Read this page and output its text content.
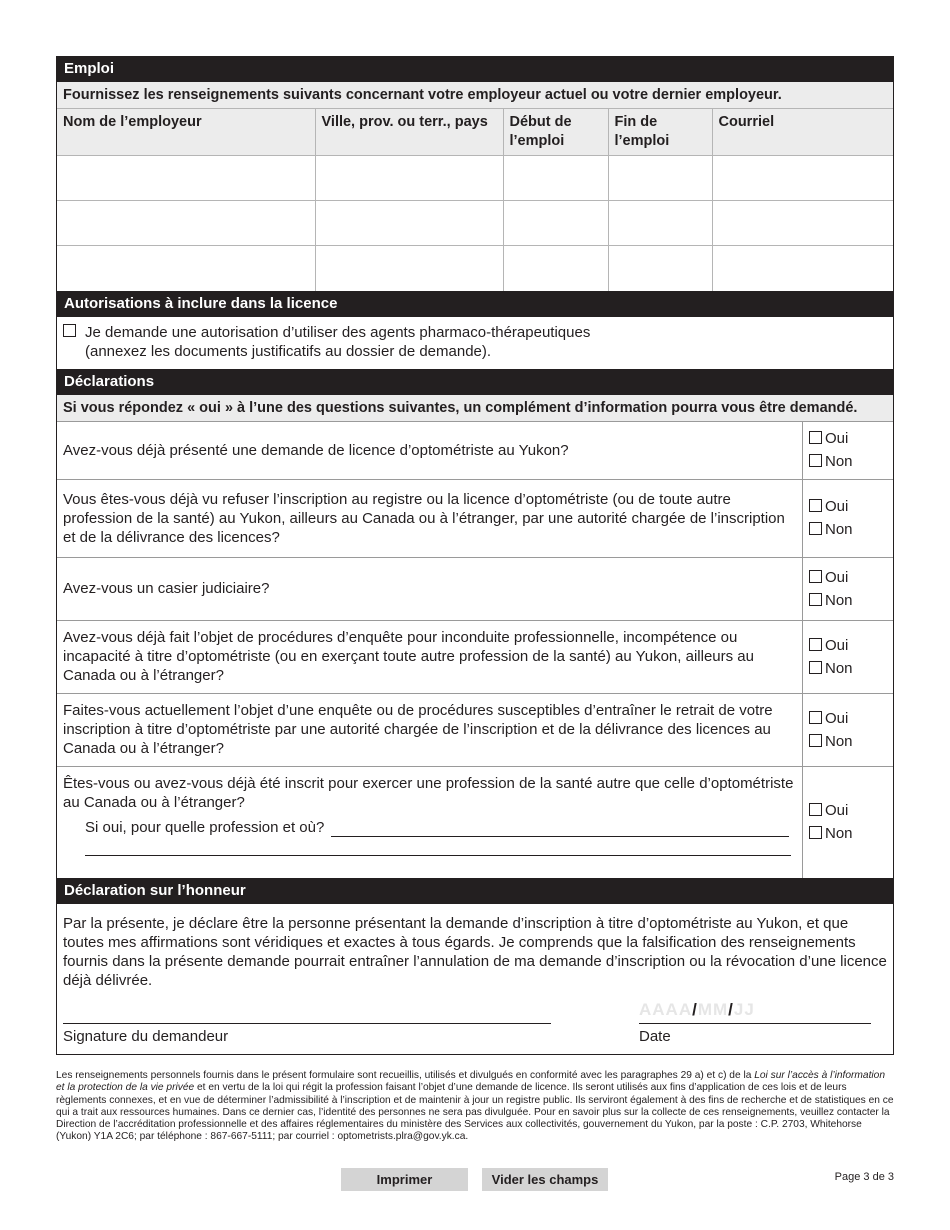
Emploi
Fournissez les renseignements suivants concernant votre employeur actuel ou votre dernier employeur.
Nom de l’employeur	Ville, prov. ou terr., pays	Début de l’emploi	Fin de l’emploi	Courriel

Autorisations à inclure dans la licence
Je demande une autorisation d’utiliser des agents pharmaco-thérapeutiques
(annexez les documents justificatifs au dossier de demande).
Déclarations
Si vous répondez « oui » à l’une des questions suivantes, un complément d’information pourra vous être demandé.
Avez-vous déjà présenté une demande de licence d’optométriste au Yukon?
Oui
Non
Vous êtes-vous déjà vu refuser l’inscription au registre ou la licence d’optométriste (ou de toute autre profession de la santé) au Yukon, ailleurs au Canada ou à l’étranger, par une autorité chargée de l’inscription et de la délivrance des licences?
Oui
Non
Avez-vous un casier judiciaire?
Oui
Non
Avez-vous déjà fait l’objet de procédures d’enquête pour inconduite professionnelle, incompétence ou incapacité à titre d’optométriste (ou en exerçant toute autre profession de la santé) au Yukon, ailleurs au Canada ou à l’étranger?
Oui
Non
Faites-vous actuellement l’objet d’une enquête ou de procédures susceptibles d’entraîner le retrait de votre inscription à titre d’optométriste par une autorité chargée de l’inscription et de la délivrance des licences au Canada ou à l’étranger?
Oui
Non
Êtes-vous ou avez-vous déjà été inscrit pour exercer une profession de la santé autre que celle d’optométriste au Canada ou à l’étranger?
Si oui, pour quelle profession et où?
Oui
Non
Déclaration sur l’honneur
Par la présente, je déclare être la personne présentant la demande d’inscription à titre d’optométriste au Yukon, et que toutes mes affirmations sont véridiques et exactes à tous égards. Je comprends que la falsification des renseignements fournis dans la présente demande pourrait entraîner l’annulation de ma demande d’inscription ou la révocation d’une licence déjà délivrée.
Signature du demandeur
AAAA/MM/JJ
Date
Les renseignements personnels fournis dans le présent formulaire sont recueillis, utilisés et divulgués en conformité avec les paragraphes 29 a) et c) de la Loi sur l’accès à l’information et la protection de la vie privée et en vertu de la loi qui régit la profession faisant l’objet d’une demande de licence. Ils seront utilisés aux fins d’application de ces lois et de leurs règlements connexes, et en vue de déterminer l’admissibilité à l’inscription et de maintenir à jour un registre public. Ils serviront également à des fins de recherche et de statistiques en ce qui a trait aux ressources humaines. Dans ce dernier cas, l’identité des personnes ne sera pas divulguée. Pour en savoir plus sur la collecte de ces renseignements, veuillez contacter la Direction de l’accréditation professionnelle et des affaires réglementaires du ministère des Services aux collectivités, gouvernement du Yukon, par la poste : C.P. 2703, Whitehorse (Yukon) Y1A 2C6; par téléphone : 867-667-5111; par courriel : optometrists.plra@gov.yk.ca.
Imprimer	Vider les champs	Page 3 de 3
